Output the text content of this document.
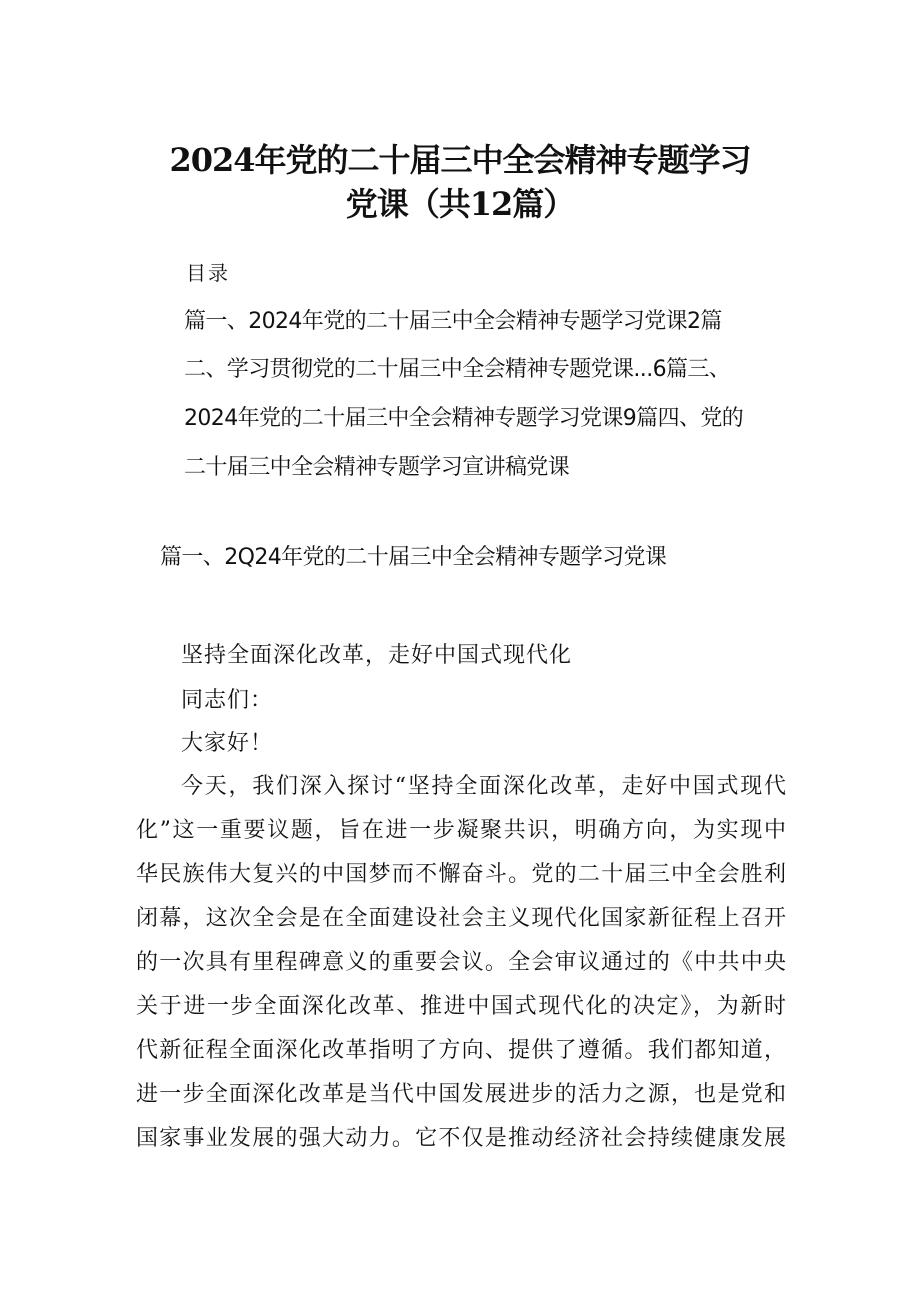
2024年党的二十届三中全会精神专题学习
党课（共12篇）
目录
篇一、2024年党的二十届三中全会精神专题学习党课2篇
二、学习贯彻党的二十届三中全会精神专题党课...6篇三、
2024年党的二十届三中全会精神专题学习党课9篇四、党的
二十届三中全会精神专题学习宣讲稿党课
篇一、2Q24年党的二十届三中全会精神专题学习党课
坚持全面深化改革，走好中国式现代化
同志们：
大家好！
今天，我们深入探讨“坚持全面深化改革，走好中国式现代
化”这一重要议题，旨在进一步凝聚共识，明确方向，为实现中
华民族伟大复兴的中国梦而不懈奋斗。党的二十届三中全会胜利
闭幕，这次全会是在全面建设社会主义现代化国家新征程上召开
的一次具有里程碑意义的重要会议。全会审议通过的《中共中央
关于进一步全面深化改革、推进中国式现代化的决定》，为新时
代新征程全面深化改革指明了方向、提供了遵循。我们都知道，
进一步全面深化改革是当代中国发展进步的活力之源，也是党和
国家事业发展的强大动力。它不仅是推动经济社会持续健康发展
